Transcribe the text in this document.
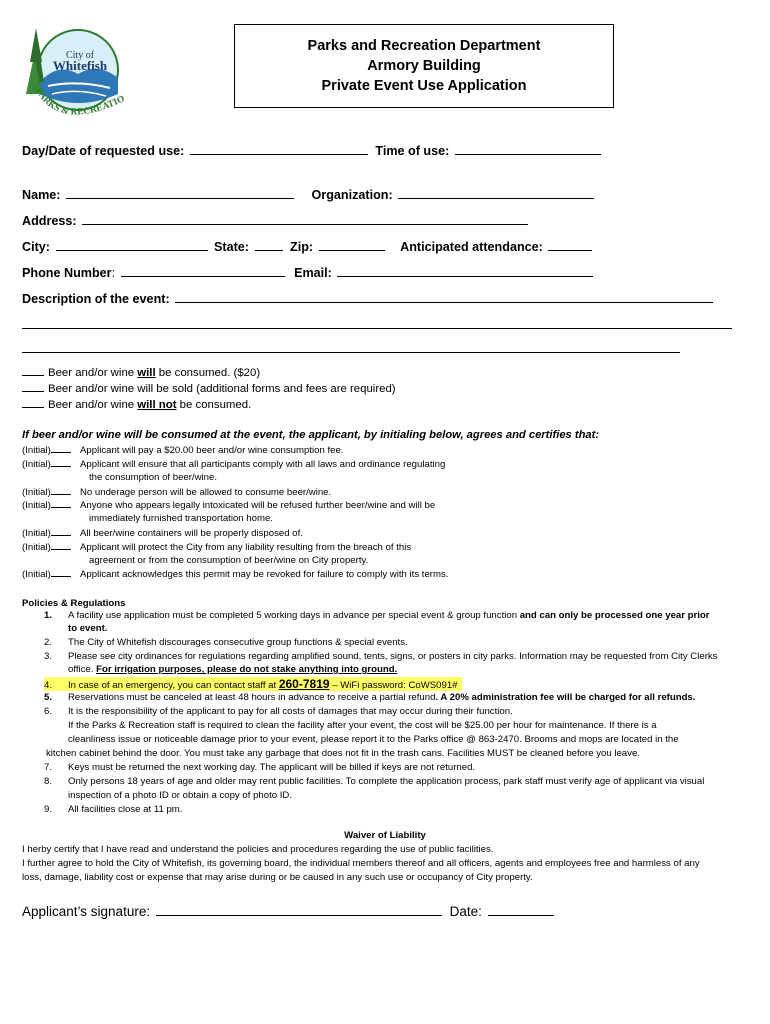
City of
Whitefish
PARKS & RECREATIO
Parks and Recreation Department
Armory Building
Private Event Use Application
Day/Date of requested use:	Time of use:
Name:	Organization:
Address:
City:	State:	Zip:	Anticipated attendance:
Phone Number:	Email:
Description of the event:
Beer and/or wine will be consumed. ($20)
Beer and/or wine will be sold (additional forms and fees are required)
Beer and/or wine will not be consumed.
If beer and/or wine will be consumed at the event, the applicant, by initialing below, agrees and certifies that:
(Initial)	Applicant will pay a $20.00 beer and/or wine consumption fee.
(Initial)	Applicant will ensure that all participants comply with all laws and ordinance regulating
the consumption of beer/wine.
(Initial)	No underage person will be allowed to consume beer/wine.
(Initial)	Anyone who appears legally intoxicated will be refused further beer/wine and will be
immediately furnished transportation home.
(Initial)	All beer/wine containers will be properly disposed of.
(Initial)	Applicant will protect the City from any liability resulting from the breach of this
agreement or from the consumption of beer/wine on City property.
(Initial)	Applicant acknowledges this permit may be revoked for failure to comply with its terms.
Policies & Regulations
1. A facility use application must be completed 5 working days in advance per special event & group function and can only be processed one year prior
to event.
2. The City of Whitefish discourages consecutive group functions & special events.
3. Please see city ordinances for regulations regarding amplified sound, tents, signs, or posters in city parks. Information may be requested from City Clerks
office. For irrigation purposes, please do not stake anything into ground.
4. In case of an emergency, you can contact staff at 260-7819 – WiFi password: CoWS091#
5. Reservations must be canceled at least 48 hours in advance to receive a partial refund. A 20% administration fee will be charged for all refunds.
6. It is the responsibility of the applicant to pay for all costs of damages that may occur during their function.
If the Parks & Recreation staff is required to clean the facility after your event, the cost will be $25.00 per hour for maintenance. If there is a
cleanliness issue or noticeable damage prior to your event, please report it to the Parks office @ 863-2470. Brooms and mops are located in the
kitchen cabinet behind the door. You must take any garbage that does not fit in the trash cans. Facilities MUST be cleaned before you leave.
7. Keys must be returned the next working day. The applicant will be billed if keys are not returned.
8. Only persons 18 years of age and older may rent public facilities. To complete the application process, park staff must verify age of applicant via visual
inspection of a photo ID or obtain a copy of photo ID.
9. All facilities close at 11 pm.
Waiver of Liability
I herby certify that I have read and understand the policies and procedures regarding the use of public facilities.
I further agree to hold the City of Whitefish, its governing board, the individual members thereof and all officers, agents and employees free and harmless of any
loss, damage, liability cost or expense that may arise during or be caused in any such use or occupancy of City property.
Applicant’s signature:	Date:
